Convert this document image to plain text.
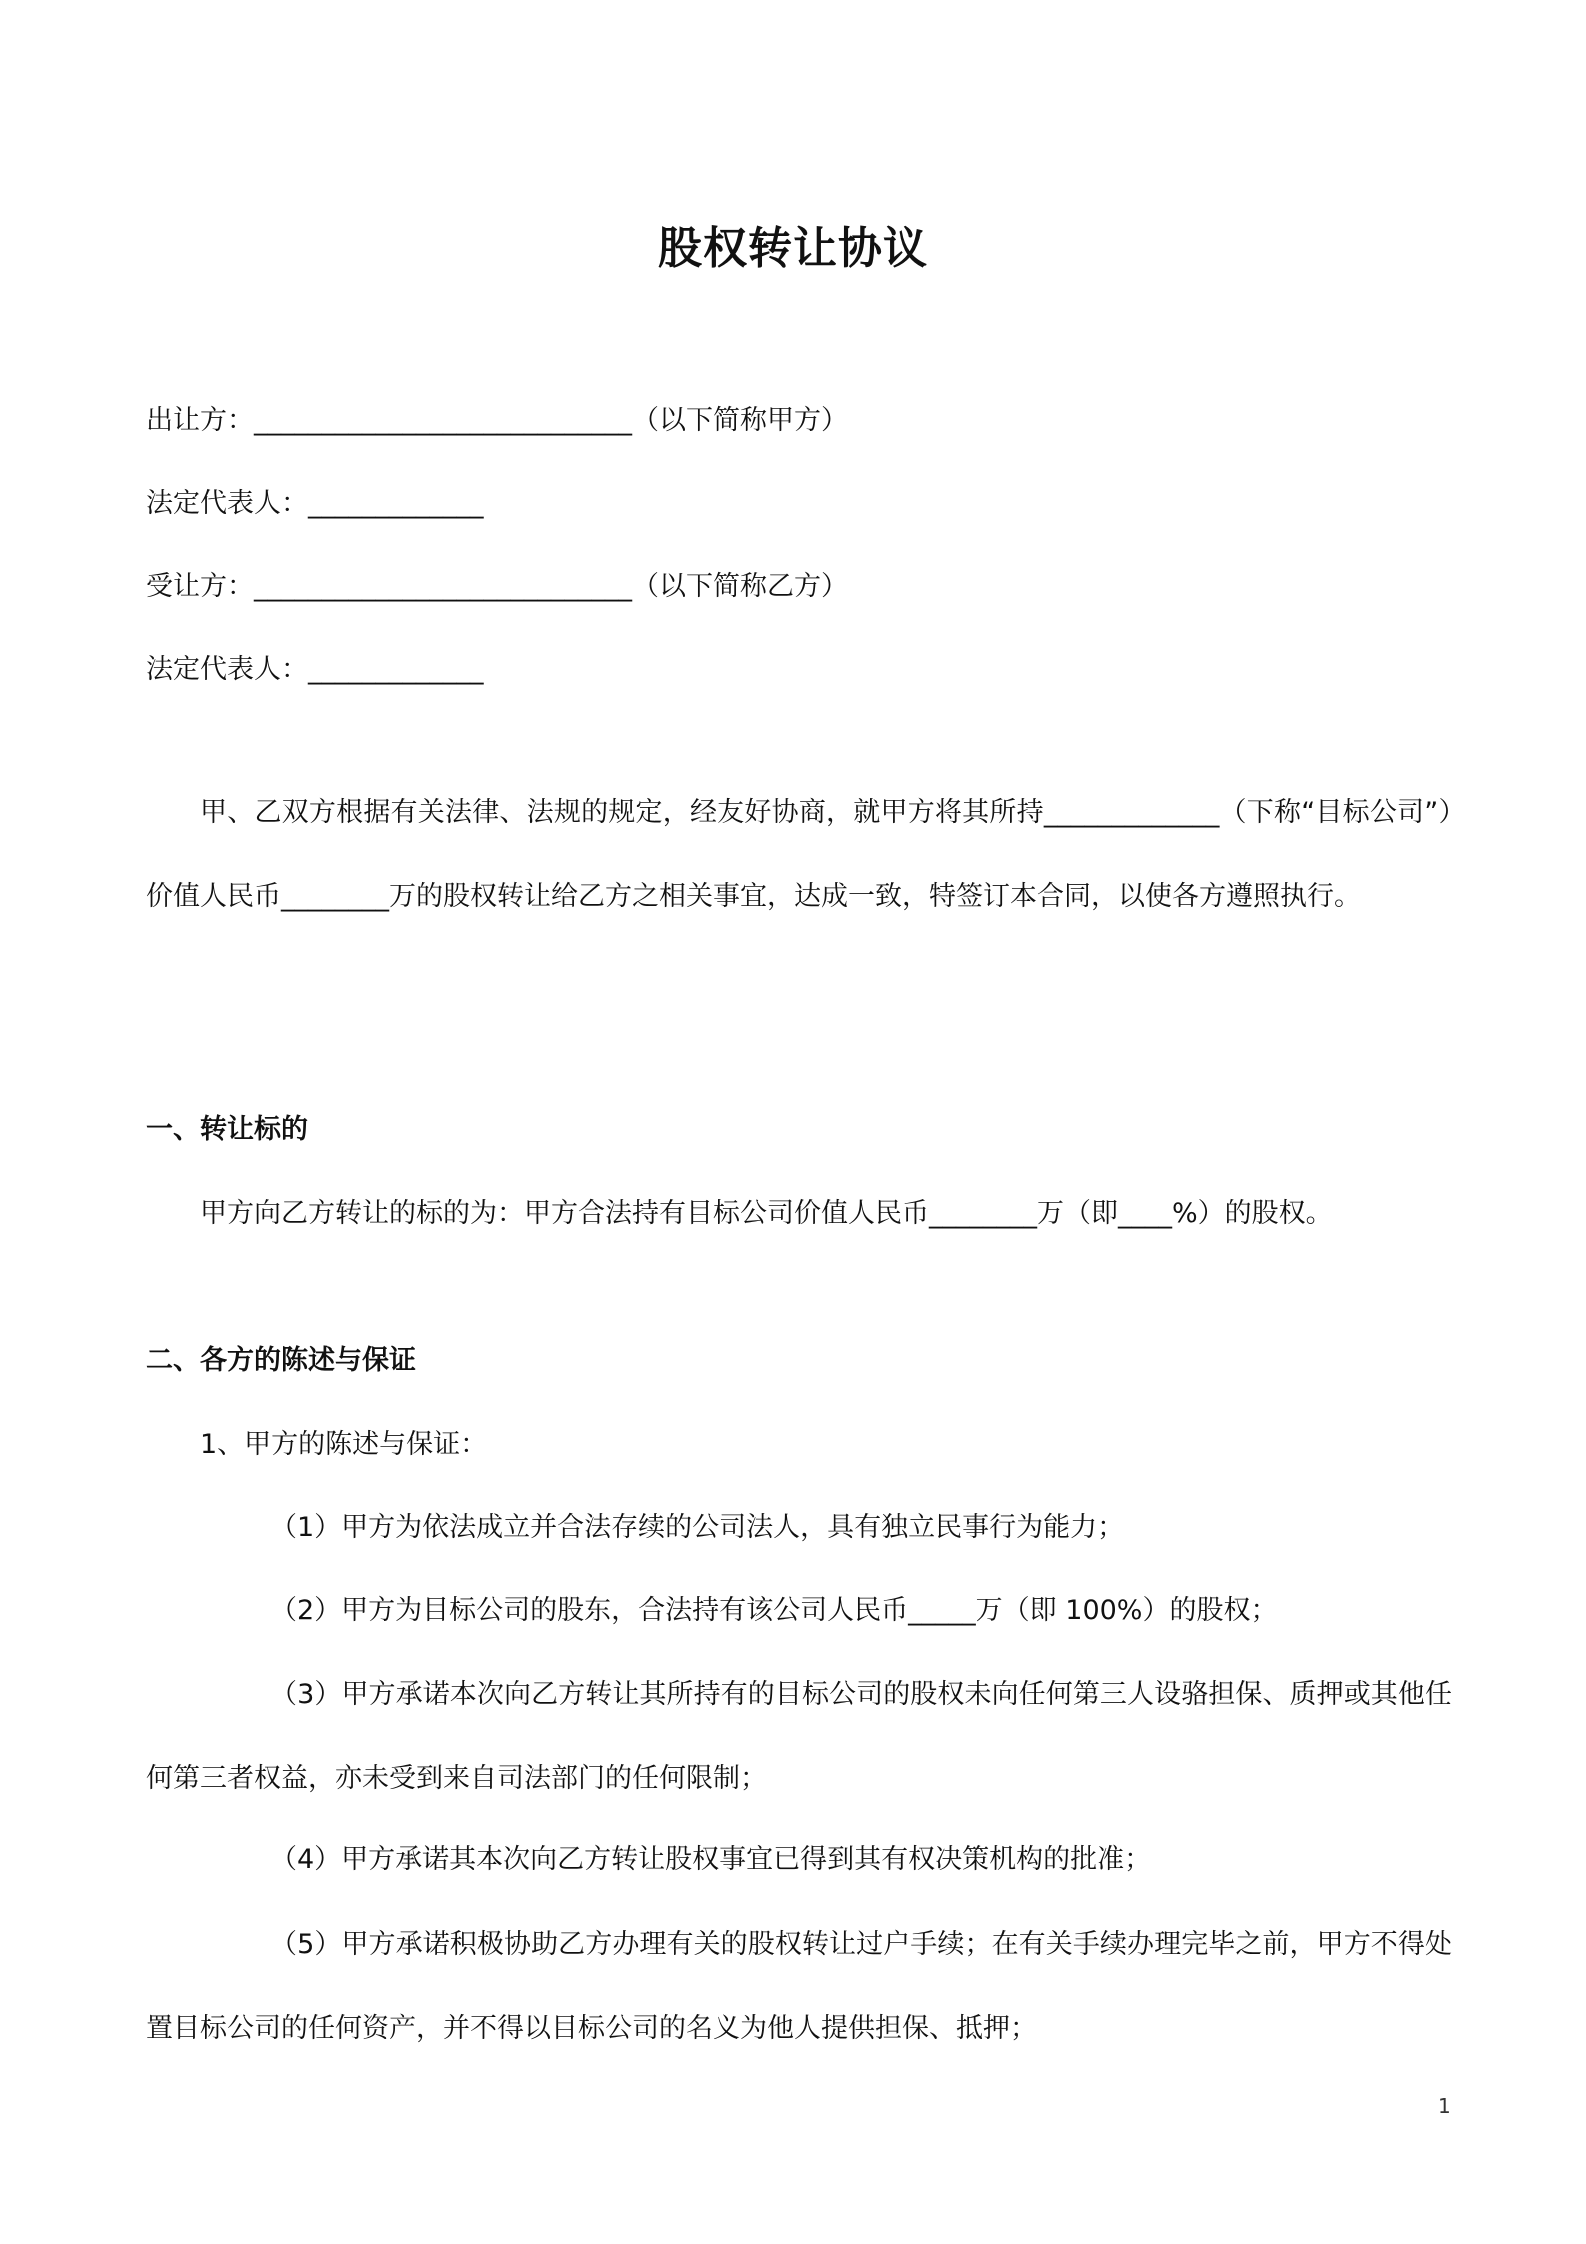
股权转让协议
出让方：____________________________（以下简称甲方）
法定代表人：_____________
受让方：____________________________（以下简称乙方）
法定代表人：_____________
甲、乙双方根据有关法律、法规的规定，经友好协商，就甲方将其所持_____________（下称“目标公司”）价值人民币________万的股权转让给乙方之相关事宜，达成一致，特签订本合同，以使各方遵照执行。
一、转让标的
甲方向乙方转让的标的为：甲方合法持有目标公司价值人民币________万（即____%）的股权。
二、各方的陈述与保证
1、甲方的陈述与保证：
（1）甲方为依法成立并合法存续的公司法人，具有独立民事行为能力；
（2）甲方为目标公司的股东，合法持有该公司人民币_____万（即 100%）的股权；
（3）甲方承诺本次向乙方转让其所持有的目标公司的股权未向任何第三人设骆担保、质押或其他任何第三者权益，亦未受到来自司法部门的任何限制；
（4）甲方承诺其本次向乙方转让股权事宜已得到其有权决策机构的批准；
（5）甲方承诺积极协助乙方办理有关的股权转让过户手续；在有关手续办理完毕之前，甲方不得处置目标公司的任何资产，并不得以目标公司的名义为他人提供担保、抵押；
1
